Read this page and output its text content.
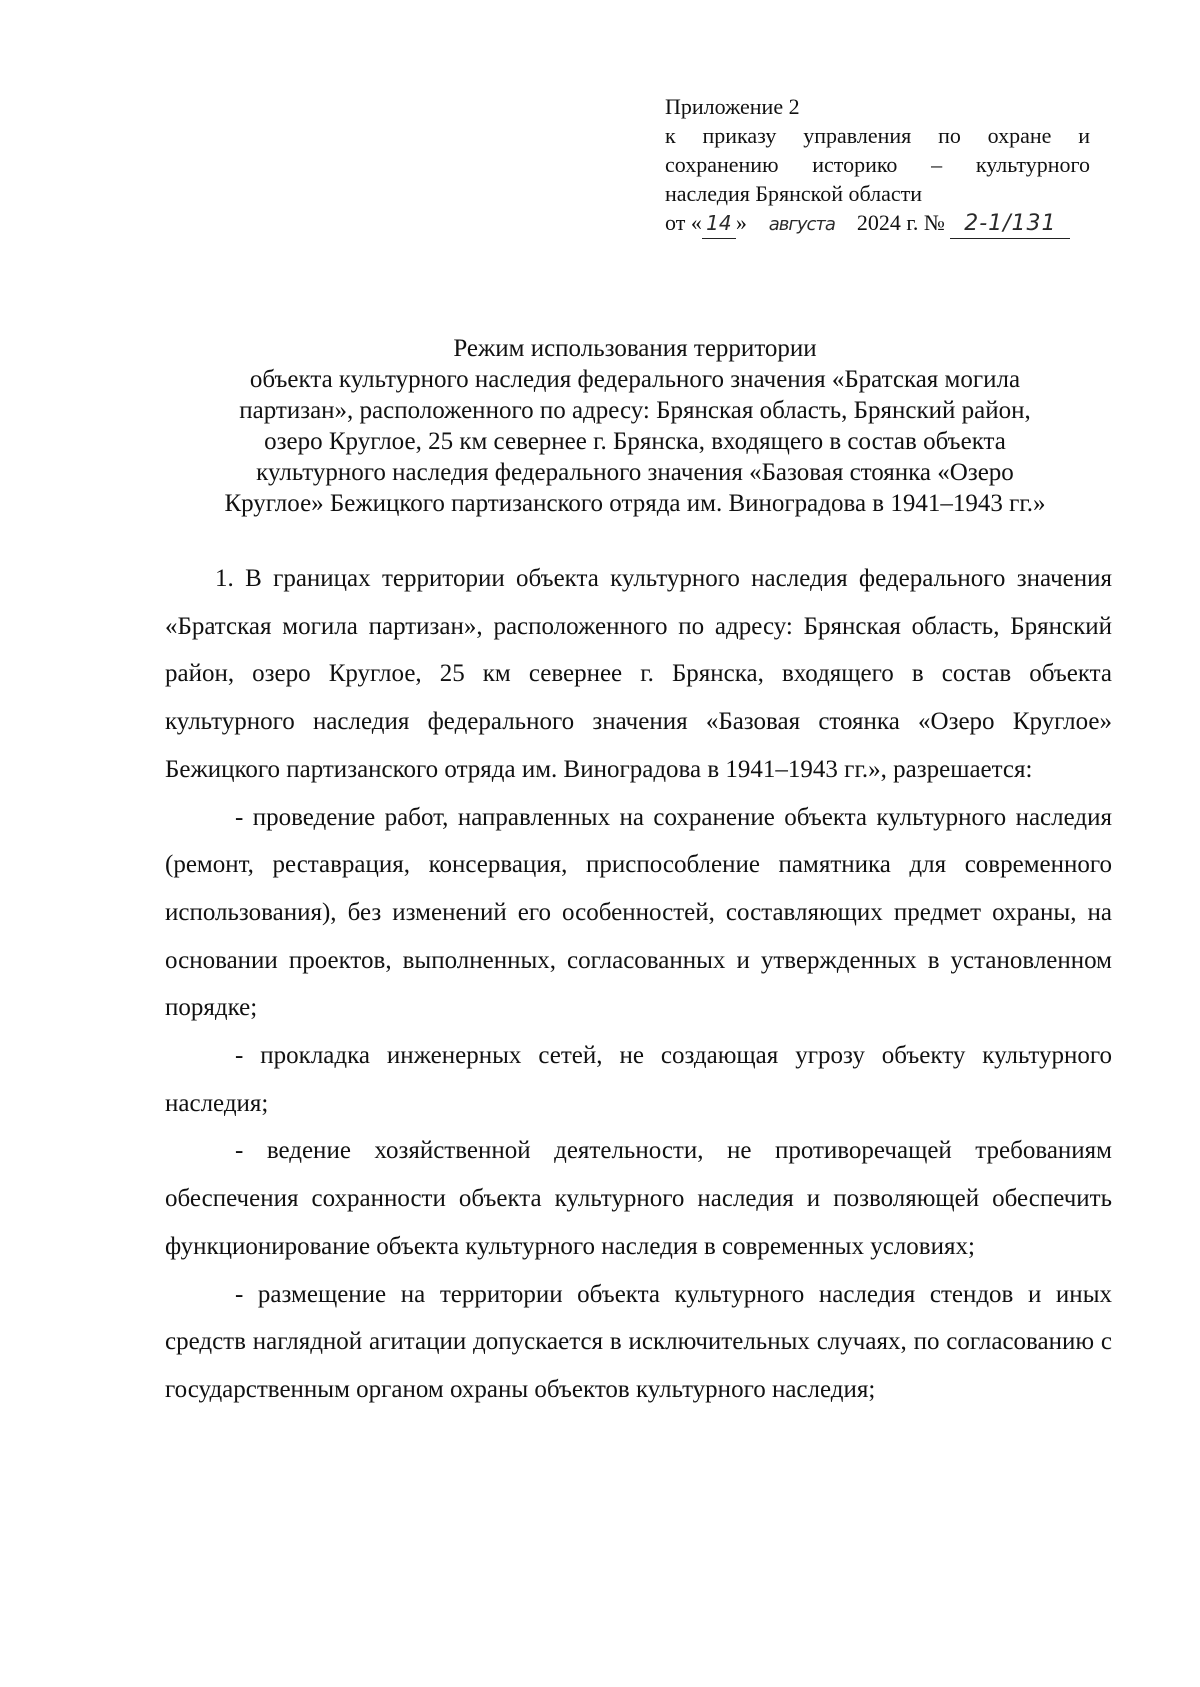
Приложение 2
к приказу управления по охране и
сохранению историко – культурного
наследия Брянской области
от « 14 » августа 2024 г. № 2-1/131
Режим использования территории
объекта культурного наследия федерального значения «Братская могила
партизан», расположенного по адресу: Брянская область, Брянский район,
озеро Круглое, 25 км севернее г. Брянска, входящего в состав объекта
культурного наследия федерального значения «Базовая стоянка «Озеро
Круглое» Бежицкого партизанского отряда им. Виноградова в 1941–1943 гг.»

1. В границах территории объекта культурного наследия федерального значения «Братская могила партизан», расположенного по адресу: Брянская область, Брянский район, озеро Круглое, 25 км севернее г. Брянска, входящего в состав объекта культурного наследия федерального значения «Базовая стоянка «Озеро Круглое» Бежицкого партизанского отряда им. Виноградова в 1941–1943 гг.», разрешается:

- проведение работ, направленных на сохранение объекта культурного наследия (ремонт, реставрация, консервация, приспособление памятника для современного использования), без изменений его особенностей, составляющих предмет охраны, на основании проектов, выполненных, согласованных и утвержденных в установленном порядке;

- прокладка инженерных сетей, не создающая угрозу объекту культурного наследия;

- ведение хозяйственной деятельности, не противоречащей требованиям обеспечения сохранности объекта культурного наследия и позволяющей обеспечить функционирование объекта культурного наследия в современных условиях;

- размещение на территории объекта культурного наследия стендов и иных средств наглядной агитации допускается в исключительных случаях, по согласованию с государственным органом охраны объектов культурного наследия;
